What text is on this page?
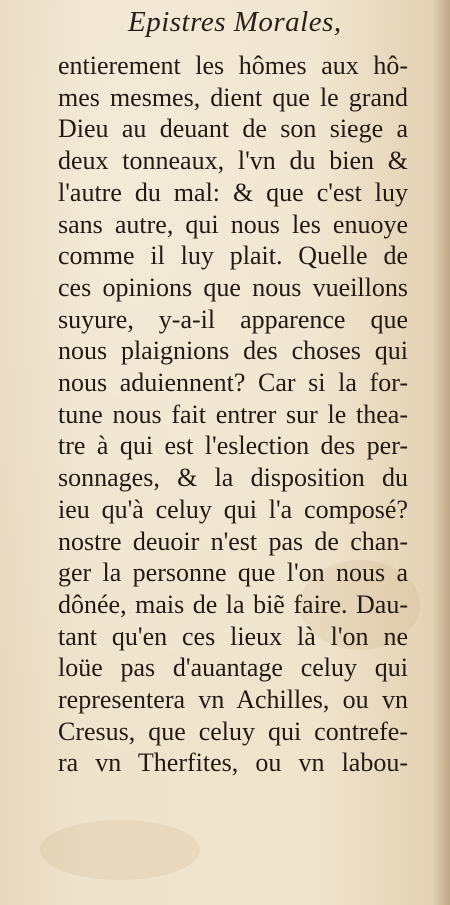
Epistres Morales,
entierement les hômes aux hô-
mes mesmes, dient que le grand
Dieu au deuant de son siege a
deux tonneaux, l'vn du bien &
l'autre du mal: & que c'est luy
sans autre, qui nous les enuoye
comme il luy plait. Quelle de
ces opinions que nous vueillons
suyure, y-a-il apparence que
nous plaignions des choses qui
nous aduiennent? Car si la for-
tune nous fait entrer sur le thea-
tre à qui est l'eslection des per-
sonnages, & la disposition du
ieu qu'à celuy qui l'a composé?
nostre deuoir n'est pas de chan-
ger la personne que l'on nous a
dônée, mais de la biẽ faire. Dau-
tant qu'en ces lieux là l'on ne
loüe pas d'auantage celuy qui
representera vn Achilles, ou vn
Cresus, que celuy qui contrefe-
ra vn Therfites, ou vn labou-
